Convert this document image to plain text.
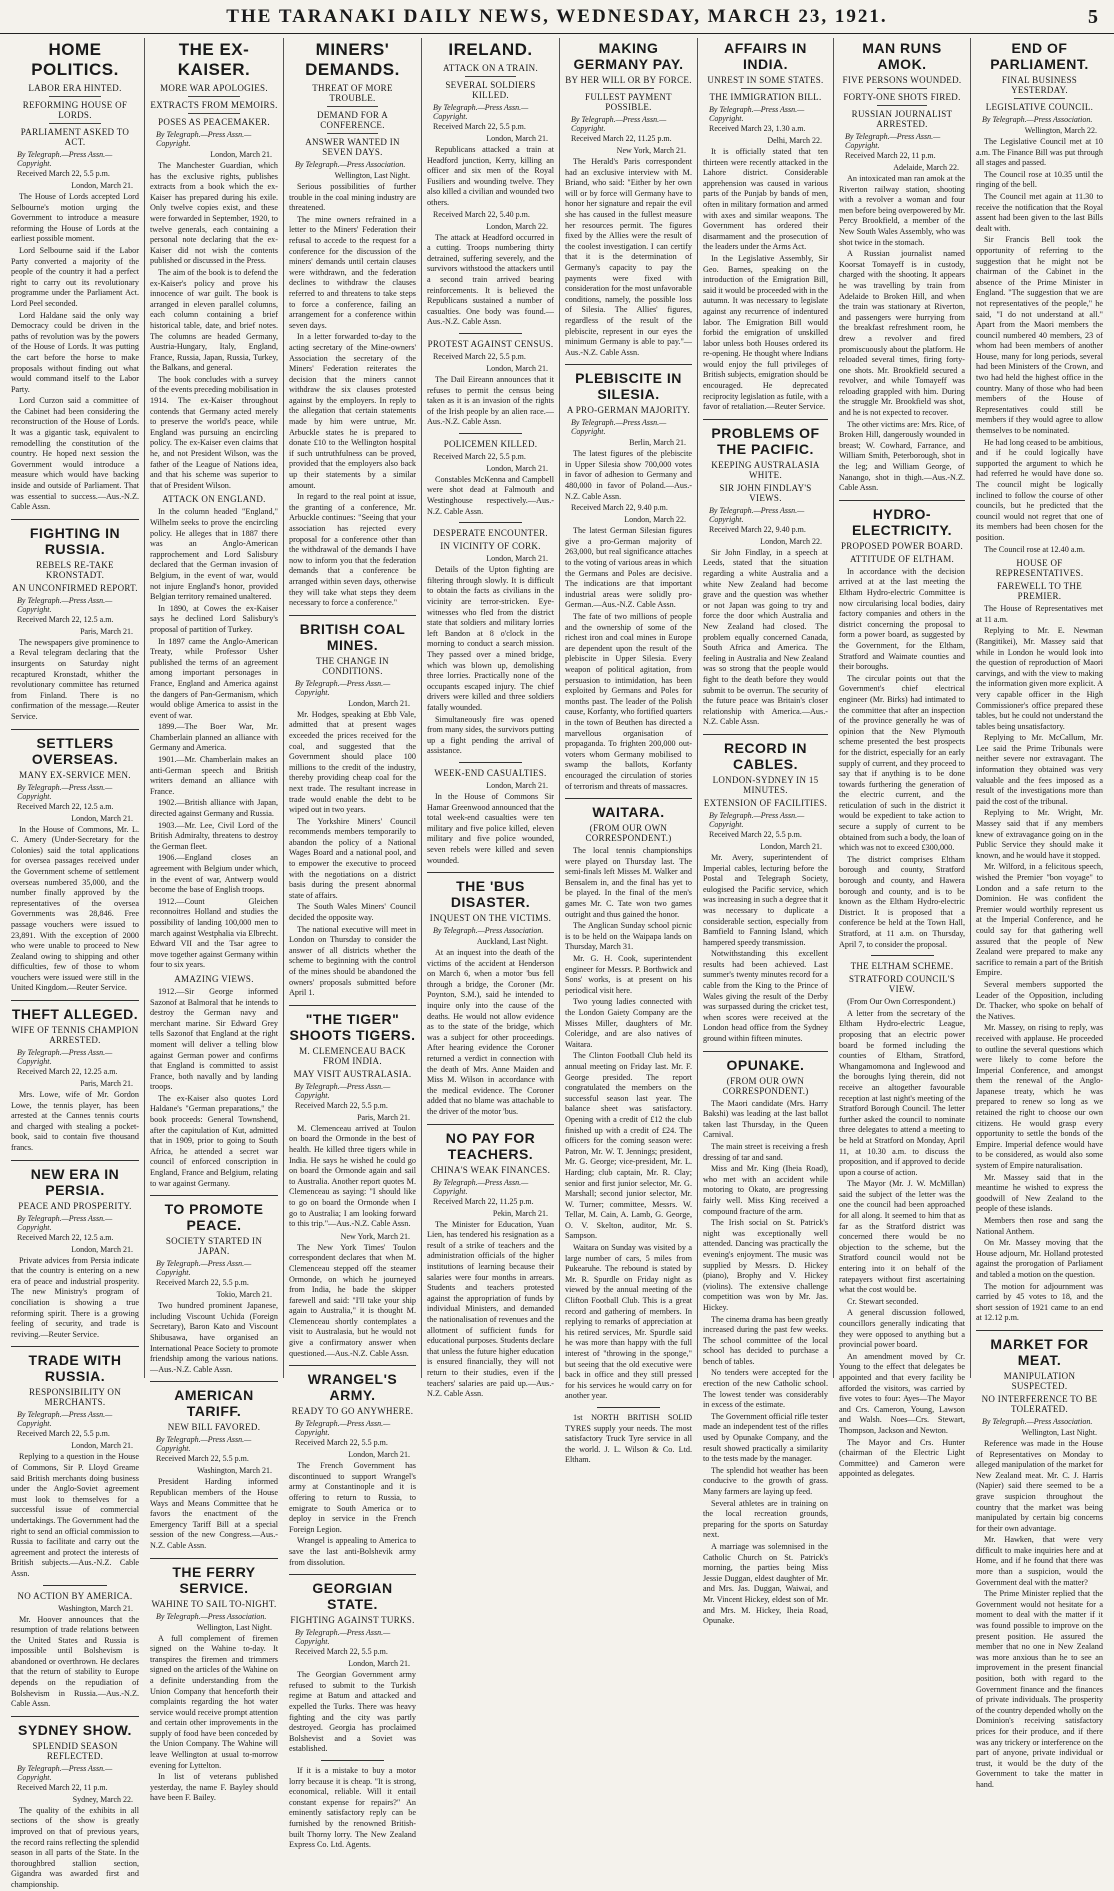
THE TARANAKI DAILY NEWS, WEDNESDAY, MARCH 23, 1921.	5
HOME POLITICS.
LABOR ERA HINTED.
REFORMING HOUSE OF LORDS.
PARLIAMENT ASKED TO ACT.
By Telegraph.—Press Assn.—Copyright.
Received March 22, 5.5 p.m.
London, March 21.

The House of Lords accepted Lord Selbourne's motion urging the Government to introduce a measure reforming the House of Lords at the earliest possible moment.

Lord Selbourne said if the Labor Party converted a majority of the people of the country it had a perfect right to carry out its revolutionary programme under the Parliament Act. Lord Peel seconded.

Lord Haldane said the only way Democracy could be driven in the paths of revolution was by the powers of the House of Lords. It was putting the cart before the horse to make proposals without finding out what would command itself to the Labor Party.

Lord Curzon said a committee of the Cabinet had been considering the reconstruction of the House of Lords. It was a gigantic task, equivalent to remodelling the constitution of the country. He hoped next session the Government would introduce a measure which would have backing inside and outside of Parliament. That was essential to success.—Aus.-N.Z. Cable Assn.

FIGHTING IN RUSSIA.
REBELS RE-TAKE KRONSTADT.
AN UNCONFIRMED REPORT.
By Telegraph.—Press Assn.—Copyright.
Received March 22, 12.5 a.m.
Paris, March 21.

The newspapers give prominence to a Reval telegram declaring that the insurgents on Saturday night recaptured Kronstadt, whither the revolutionary committee has returned from Finland. There is no confirmation of the message.—Reuter Service.

SETTLERS OVERSEAS.
MANY EX-SERVICE MEN.
By Telegraph.—Press Assn.—Copyright.
Received March 22, 12.5 a.m.
London, March 21.

In the House of Commons, Mr. L. C. Amery (Under-Secretary for the Colonies) said the total applications for oversea passages received under the Government scheme of settlement overseas numbered 35,000, and the number finally approved by the representatives of the oversea Governments was 28,846. Free passage vouchers were issued to 23,891. With the exception of 2000 who were unable to proceed to New Zealand owing to shipping and other difficulties, few of those to whom vouchers were issued were still in the United Kingdom.—Reuter Service.

THEFT ALLEGED.
WIFE OF TENNIS CHAMPION ARRESTED.
By Telegraph.—Press Assn.—Copyright.
Received March 22, 12.25 a.m.
Paris, March 21.

Mrs. Lowe, wife of Mr. Gordon Lowe, the tennis player, has been arrested at the Cannes tennis courts and charged with stealing a pocket-book, said to contain five thousand francs.

NEW ERA IN PERSIA.
PEACE AND PROSPERITY.
By Telegraph.—Press Assn.—Copyright.
Received March 22, 12.5 a.m.
London, March 21.

Private advices from Persia indicate that the country is entering on a new era of peace and industrial prosperity. The new Ministry's program of conciliation is showing a true reforming spirit. There is a growing feeling of security, and trade is reviving.—Reuter Service.

TRADE WITH RUSSIA.
RESPONSIBILITY ON MERCHANTS.
By Telegraph.—Press Assn.—Copyright.
Received March 22, 5.5 p.m.
London, March 21.

Replying to a question in the House of Commons, Sir P. Lloyd Greame said British merchants doing business under the Anglo-Soviet agreement must look to themselves for a successful issue of commercial undertakings. The Government had the right to send an official commission to Russia to facilitate and carry out the agreement and protect the interests of British subjects.—Aus.-N.Z. Cable Assn.

NO ACTION BY AMERICA.
Washington, March 21.

Mr. Hoover announces that the resumption of trade relations between the United States and Russia is impossible until Bolshevism is abandoned or overthrown. He declares that the return of stability to Europe depends on the repudiation of Bolshevism in Russia.—Aus.-N.Z. Cable Assn.

SYDNEY SHOW.
SPLENDID SEASON REFLECTED.
By Telegraph.—Press Assn.—Copyright.
Received March 22, 11 p.m.
Sydney, March 22.

The quality of the exhibits in all sections of the show is greatly improved on that of previous years, the record rains reflecting the splendid season in all parts of the State. In the thoroughbred stallion section, Gigandra was awarded first and championship.

THE EX-KAISER.
MORE WAR APOLOGIES.
EXTRACTS FROM MEMOIRS.
POSES AS PEACEMAKER.
By Telegraph.—Press Assn.—Copyright.
London, March 21.

The Manchester Guardian, which has the exclusive rights, publishes extracts from a book which the ex-Kaiser has prepared during his exile. Only twelve copies exist, and these were forwarded in September, 1920, to twelve generals, each containing a personal note declaring that the ex-Kaiser did not wish the contents published or discussed in the Press.

The aim of the book is to defend the ex-Kaiser's policy and prove his innocence of war guilt. The book is arranged in eleven parallel columns, each column containing a brief historical table, date, and brief notes. The columns are headed Germany, Austria-Hungary, Italy, England, France, Russia, Japan, Russia, Turkey, the Balkans, and general.

The book concludes with a survey of the events preceding mobilisation in 1914. The ex-Kaiser throughout contends that Germany acted merely to preserve the world's peace, while England was pursuing an encircling policy. The ex-Kaiser even claims that he, and not President Wilson, was the father of the League of Nations idea, and that his scheme was superior to that of President Wilson.

ATTACK ON ENGLAND.

In the column headed "England," Wilhelm seeks to prove the encircling policy. He alleges that in 1887 there was an Anglo-American rapprochement and Lord Salisbury declared that the German invasion of Belgium, in the event of war, would not injure England's honor, provided Belgian territory remained unaltered.

In 1890, at Cowes the ex-Kaiser says he declined Lord Salisbury's proposal of partition of Turkey.

In 1897 came the Anglo-American Treaty, while Professor Usher published the terms of an agreement among important personages in France, England and America against the dangers of Pan-Germanism, which would oblige America to assist in the event of war.

1899.—The Boer War, Mr. Chamberlain planned an alliance with Germany and America.

1901.—Mr. Chamberlain makes an anti-German speech and British writers demand an alliance with France.

1902.—British alliance with Japan, directed against Germany and Russia.

1903.—Mr. Lee, Civil Lord of the British Admiralty, threatens to destroy the German fleet.

1906.—England closes an agreement with Belgium under which, in the event of war, Antwerp would become the base of English troops.

1912.—Count Gleichen reconnoitres Holland and studies the possibility of landing 100,000 men to march against Westphalia via Elbrecht. Edward VII and the Tsar agree to move together against Germany within four to six years.

AMAZING VIEWS.

1912.—Sir George informed Sazonof at Balmoral that he intends to destroy the German navy and merchant marine. Sir Edward Grey tells Sazonof that England at the right moment will deliver a telling blow against German power and confirms that England is committed to assist France, both navally and by landing troops.

The ex-Kaiser also quotes Lord Haldane's "German preparations," the book proceeds: General Townshend, after the capitulation of Kut, admitted that in 1909, prior to going to South Africa, he attended a secret war council of enforced conscription in England, France and Belgium, relating to war against Germany.

TO PROMOTE PEACE.
SOCIETY STARTED IN JAPAN.
By Telegraph.—Press Assn.—Copyright.
Received March 22, 5.5 p.m.
Tokio, March 21.

Two hundred prominent Japanese, including Viscount Uchida (Foreign Secretary), Baron Kato and Viscount Shibusawa, have organised an International Peace Society to promote friendship among the various nations.—Aus.-N.Z. Cable Assn.

AMERICAN TARIFF.
NEW BILL FAVORED.
By Telegraph.—Press Assn.—Copyright.
Received March 22, 5.5 p.m.
Washington, March 21.

President Harding informed Republican members of the House Ways and Means Committee that he favors the enactment of the Emergency Tariff Bill at a special session of the new Congress.—Aus.-N.Z. Cable Assn.

THE FERRY SERVICE.
WAHINE TO SAIL TO-NIGHT.
By Telegraph.—Press Association.
Wellington, Last Night.

A full complement of firemen signed on the Wahine to-day. It transpires the firemen and trimmers signed on the articles of the Wahine on a definite understanding from the Union Company that henceforth their complaints regarding the hot water service would receive prompt attention and certain other improvements in the supply of food have been conceded by the Union Company. The Wahine will leave Wellington at usual to-morrow evening for Lyttelton.

In list of veterans published yesterday, the name F. Bayley should have been F. Bailey.

MINERS' DEMANDS.
THREAT OF MORE TROUBLE.
DEMAND FOR A CONFERENCE.
ANSWER WANTED IN SEVEN DAYS.
By Telegraph.—Press Association.
Wellington, Last Night.

Serious possibilities of further trouble in the coal mining industry are threatened.

The mine owners refrained in a letter to the Miners' Federation their refusal to accede to the request for a conference for the discussion of the miners' demands until certain clauses were withdrawn, and the federation declines to withdraw the clauses referred to and threatens to take steps to force a conference, failing an arrangement for a conference within seven days.

In a letter forwarded to-day to the acting secretary of the Mine-owners' Association the secretary of the Miners' Federation reiterates the decision that the miners cannot withdraw the six clauses protested against by the employers. In reply to the allegation that certain statements made by him were untrue, Mr. Arbuckle states he is prepared to donate £10 to the Wellington hospital if such untruthfulness can be proved, provided that the employers also back up their statements by a similar amount.

In regard to the real point at issue, the granting of a conference, Mr. Arbuckle continues: "Seeing that your association has rejected every proposal for a conference other than the withdrawal of the demands I have now to inform you that the federation demands that a conference be arranged within seven days, otherwise they will take what steps they deem necessary to force a conference."

BRITISH COAL MINES.
THE CHANGE IN CONDITIONS.
By Telegraph.—Press Assn.—Copyright.
London, March 21.

Mr. Hodges, speaking at Ebb Vale, admitted that at present wages exceeded the prices received for the coal, and suggested that the Government should place 100 millions to the credit of the industry, thereby providing cheap coal for the next trade. The resultant increase in trade would enable the debt to be wiped out in two years.

The Yorkshire Miners' Council recommends members temporarily to abandon the policy of a National Wages Board and a national pool, and to empower the executive to proceed with the negotiations on a district basis during the present abnormal state of affairs.

The South Wales Miners' Council decided the opposite way.

The national executive will meet in London on Thursday to consider the answer of all districts whether the scheme to beginning with the control of the mines should be abandoned the owners' proposals submitted before April 1.

"THE TIGER" SHOOTS TIGERS.
M. CLEMENCEAU BACK FROM INDIA.
MAY VISIT AUSTRALASIA.
By Telegraph.—Press Assn.—Copyright.
Received March 22, 5.5 p.m.
Paris, March 21.

M. Clemenceau arrived at Toulon on board the Ormonde in the best of health. He killed three tigers while in India. He says he wished he could go on board the Ormonde again and sail to Australia. Another report quotes M. Clemenceau as saying: "I should like to go on board the Ormonde when I go to Australia; I am looking forward to this trip."—Aus.-N.Z. Cable Assn.

New York, March 21.

The New York Times' Toulon correspondent declares that when M. Clemenceau stepped off the steamer Ormonde, on which he journeyed from India, he bade the skipper farewell and said: "I'll take your ship again to Australia," it is thought M. Clemenceau shortly contemplates a visit to Australasia, but he would not give a confirmatory answer when questioned.—Aus.-N.Z. Cable Assn.

WRANGEL'S ARMY.
READY TO GO ANYWHERE.
By Telegraph.—Press Assn.—Copyright.
Received March 22, 5.5 p.m.
London, March 21.

The French Government has discontinued to support Wrangel's army at Constantinople and it is offering to return to Russia, to emigrate to South America or to deploy in service in the French Foreign Legion.

Wrangel is appealing to America to save the last anti-Bolshevik army from dissolution.

GEORGIAN STATE.
FIGHTING AGAINST TURKS.
By Telegraph.—Press Assn.—Copyright.
Received March 22, 5.5 p.m.
London, March 21.

The Georgian Government army refused to submit to the Turkish regime at Batum and attacked and expelled the Turks. There was heavy fighting and the city was partly destroyed. Georgia has proclaimed Bolshevist and a Soviet was established.

If it is a mistake to buy a motor lorry because it is cheap. "It is strong, economical, reliable. Will it entail constant expense for repairs?" An eminently satisfactory reply can be furnished by the renowned British-built Thorny lorry. The New Zealand Express Co. Ltd. Agents.

IRELAND.
ATTACK ON A TRAIN.
SEVERAL SOLDIERS KILLED.
By Telegraph.—Press Assn.—Copyright.
Received March 22, 5.5 p.m.
London, March 21.

Republicans attacked a train at Headford junction, Kerry, killing an officer and six men of the Royal Fusiliers and wounding twelve. They also killed a civilian and wounded two others.

Received March 22, 5.40 p.m.
London, March 22.

The attack at Headford occurred in a cutting. Troops numbering thirty detrained, suffering severely, and the survivors withstood the attackers until a second train arrived bearing reinforcements. It is believed the Republicans sustained a number of casualties. One body was found.—Aus.-N.Z. Cable Assn.

PROTEST AGAINST CENSUS.
Received March 22, 5.5 p.m.
London, March 21.

The Dail Eireann announces that it refuses to permit the census being taken as it is an invasion of the rights of the Irish people by an alien race.—Aus.-N.Z. Cable Assn.

POLICEMEN KILLED.
Received March 22, 5.5 p.m.
London, March 21.

Constables McKenna and Campbell were shot dead at Falmouth and Westinghouse respectively.—Aus.-N.Z. Cable Assn.

DESPERATE ENCOUNTER.
IN VICINITY OF CORK.
London, March 21.

Details of the Upton fighting are filtering through slowly. It is difficult to obtain the facts as civilians in the vicinity are terror-stricken. Eye-witnesses who fled from the district state that soldiers and military lorries left Bandon at 8 o'clock in the morning to conduct a search mission. They passed over a mined bridge, which was blown up, demolishing three lorries. Practically none of the occupants escaped injury. The chief drivers were killed and three soldiers fatally wounded.

Simultaneously fire was opened from many sides, the survivors putting up a fight pending the arrival of assistance.

WEEK-END CASUALTIES.
London, March 21.

In the House of Commons Sir Hamar Greenwood announced that the total week-end casualties were ten military and five police killed, eleven military and five police wounded, seven rebels were killed and seven wounded.

THE 'BUS DISASTER.
INQUEST ON THE VICTIMS.
By Telegraph.—Press Association.
Auckland, Last Night.

At an inquest into the death of the victims of the accident at Henderson on March 6, when a motor 'bus fell through a bridge, the Coroner (Mr. Poynton, S.M.), said he intended to inquire only into the cause of the deaths. He would not allow evidence as to the state of the bridge, which was a subject for other proceedings. After hearing evidence the Coroner returned a verdict in connection with the death of Mrs. Anne Maiden and Miss M. Wilson in accordance with the medical evidence. The Coroner added that no blame was attachable to the driver of the motor 'bus.

NO PAY FOR TEACHERS.
CHINA'S WEAK FINANCES.
By Telegraph.—Press Assn.—Copyright.
Received March 22, 11.25 p.m.
Pekin, March 21.

The Minister for Education, Yuan Lien, has tendered his resignation as a result of a strike of teachers and the administration officials of the higher institutions of learning because their salaries were four months in arrears. Students and teachers protested against the appropriation of funds by individual Ministers, and demanded the nationalisation of revenues and the allotment of sufficient funds for educational purposes. Students declare that unless the future higher education is ensured financially, they will not return to their studies, even if the teachers' salaries are paid up.—Aus.-N.Z. Cable Assn.

MAKING GERMANY PAY.
BY HER WILL OR BY FORCE.
FULLEST PAYMENT POSSIBLE.
By Telegraph.—Press Assn.—Copyright.
Received March 22, 11.25 p.m.
New York, March 21.

The Herald's Paris correspondent had an exclusive interview with M. Briand, who said: "Either by her own will or by force will Germany have to honor her signature and repair the evil she has caused in the fullest measure her resources permit. The figures fixed by the Allies were the result of the coolest investigation. I can certify that it is the determination of Germany's capacity to pay the payments were fixed with consideration for the most unfavorable conditions, namely, the possible loss of Silesia. The Allies' figures, regardless of the result of the plebiscite, represent in our eyes the minimum Germany is able to pay."—Aus.-N.Z. Cable Assn.

PLEBISCITE IN SILESIA.
A PRO-GERMAN MAJORITY.
By Telegraph.—Press Assn.—Copyright.
Berlin, March 21.

The latest figures of the plebiscite in Upper Silesia show 700,000 votes in favor of adhesion to Germany and 480,000 in favor of Poland.—Aus.-N.Z. Cable Assn.

Received March 22, 9.40 p.m.
London, March 22.

The latest German Silesian figures give a pro-German majority of 263,000, but real significance attaches to the voting of various areas in which the Germans and Poles are decisive. The indications are that important industrial areas were solidly pro-German.—Aus.-N.Z. Cable Assn.

The fate of two millions of people and the ownership of some of the richest iron and coal mines in Europe are dependent upon the result of the plebiscite in Upper Silesia. Every weapon of political agitation, from persuasion to intimidation, has been exploited by Germans and Poles for months past. The leader of the Polish cause, Korfanty, who fortified quarters in the town of Beuthen has directed a marvellous organisation of propaganda. To frighten 200,000 out-voters whom Germany mobilised to swamp the ballots, Korfanty encouraged the circulation of stories of terrorism and threats of massacres.

WAITARA.
(FROM OUR OWN CORRESPONDENT.)

The local tennis championships were played on Thursday last. The semi-finals left Misses M. Walker and Bensalem in, and the final has yet to be played. In the final of the men's games Mr. C. Tate won two games outright and thus gained the honor.

The Anglican Sunday school picnic is to be held on the Waipapa lands on Thursday, March 31.

Mr. G. H. Cook, superintendent engineer for Messrs. P. Borthwick and Sons' works, is at present on his periodical visit here.

Two young ladies connected with the London Gaiety Company are the Misses Miller, daughters of Mr. Coleridge, and are also natives of Waitara.

The Clinton Football Club held its annual meeting on Friday last. Mr. F. George presided. The report congratulated the members on the successful season last year. The balance sheet was satisfactory. Opening with a credit of £12 the club finished up with a credit of £24. The officers for the coming season were: Patron, Mr. W. T. Jennings; president, Mr. G. George; vice-president, Mr. L. Harding; club captain, Mr. R. Clay; senior and first junior selector, Mr. G. Marshall; second junior selector, Mr. W. Turner; committee, Messrs. W. Tellar, M. Cain, A. Lamb, G. George, O. V. Skelton, auditor, Mr. S. Sampson.

Waitara on Sunday was visited by a large number of cars, 5 miles from Pukearuhe. The rebound is stated by Mr. R. Spurdle on Friday night as viewed by the annual meeting of the Clifton Football Club. This is a great record and gathering of members. In replying to remarks of appreciation at his retired services, Mr. Spurdle said he was more than happy with the full interest of "throwing in the sponge," but seeing that the old executive were back in office and they still pressed for his services he would carry on for another year.

1st NORTH BRITISH SOLID TYRES supply your needs. The most satisfactory Truck Tyre service in all the world. J. L. Wilson & Co. Ltd. Eltham.

AFFAIRS IN INDIA.
UNREST IN SOME STATES.
THE IMMIGRATION BILL.
By Telegraph.—Press Assn.—Copyright.
Received March 23, 1.30 a.m.
Delhi, March 22.

It is officially stated that ten thirteen were recently attacked in the Lahore district. Considerable apprehension was caused in various parts of the Punjab by bands of men, often in military formation and armed with axes and similar weapons. The Government has ordered their disarmament and the prosecution of the leaders under the Arms Act.

In the Legislative Assembly, Sir Geo. Barnes, speaking on the introduction of the Emigration Bill, said it would be proceeded with in the autumn. It was necessary to legislate against any recurrence of indentured labor. The Emigration Bill would forbid the emigration of unskilled labor unless both Houses ordered its re-opening. He thought where Indians would enjoy the full privileges of British subjects, emigration should be encouraged. He deprecated reciprocity legislation as futile, with a favor of retaliation.—Reuter Service.

PROBLEMS OF THE PACIFIC.
KEEPING AUSTRALASIA WHITE.
SIR JOHN FINDLAY'S VIEWS.
By Telegraph.—Press Assn.—Copyright.
Received March 22, 9.40 p.m.
London, March 22.

Sir John Findlay, in a speech at Leeds, stated that the situation regarding a white Australia and a white New Zealand had become grave and the question was whether or not Japan was going to try and force the door which Australia and New Zealand had closed. The problem equally concerned Canada, South Africa and America. The feeling in Australia and New Zealand was so strong that the people would fight to the death before they would submit to be overrun. The security of the future peace was Britain's closer relationship with America.—Aus.-N.Z. Cable Assn.

RECORD IN CABLES.
LONDON-SYDNEY IN 15 MINUTES.
EXTENSION OF FACILITIES.
By Telegraph.—Press Assn.—Copyright.
Received March 22, 5.5 p.m.
London, March 21.

Mr. Avery, superintendent of Imperial cables, lecturing before the Postal and Telegraph Society, eulogised the Pacific service, which was increasing in such a degree that it was necessary to duplicate a considerable section, especially from Bamfield to Fanning Island, which hampered speedy transmission.

Notwithstanding this excellent results had been achieved. Last summer's twenty minutes record for a cable from the King to the Prince of Wales giving the result of the Derby was surpassed during the cricket test, when scores were received at the London head office from the Sydney ground within fifteen minutes.

OPUNAKE.
(FROM OUR OWN CORRESPONDENT.)

The Maori candidate (Mrs. Harry Bakshi) was leading at the last ballot taken last Thursday, in the Queen Carnival.

The main street is receiving a fresh dressing of tar and sand.

Miss and Mr. King (Iheia Road), who met with an accident while motoring to Okato, are progressing fairly well. Miss King received a compound fracture of the arm.

The Irish social on St. Patrick's night was exceptionally well attended. Dancing was practically the evening's enjoyment. The music was supplied by Messrs. D. Hickey (piano), Brophy and V. Hickey (violins). The extensive challenge competition was won by Mr. Jas. Hickey.

The cinema drama has been greatly increased during the past few weeks. The school committee of the local school has decided to purchase a bench of tables.

No tenders were accepted for the erection of the new Catholic school. The lowest tender was considerably in excess of the estimate.

The Government official rifle tester made an independent test of the rifles used by Opunake Company, and the result showed practically a similarity to the tests made by the manager.

The splendid hot weather has been conducive to the growth of grass. Many farmers are laying up feed.

Several athletes are in training on the local recreation grounds, preparing for the sports on Saturday next.

A marriage was solemnised in the Catholic Church on St. Patrick's morning, the parties being Miss Jessie Duggan, eldest daughter of Mr. and Mrs. Jas. Duggan, Waiwai, and Mr. Vincent Hickey, eldest son of Mr. and Mrs. M. Hickey, Iheia Road, Opunake.

MAN RUNS AMOK.
FIVE PERSONS WOUNDED.
FORTY-ONE SHOTS FIRED.
RUSSIAN JOURNALIST ARRESTED.
By Telegraph.—Press Assn.—Copyright.
Received March 22, 11 p.m.
Adelaide, March 22.

An intoxicated man ran amok at the Riverton railway station, shooting with a revolver a woman and four men before being overpowered by Mr. Percy Brookfield, a member of the New South Wales Assembly, who was shot twice in the stomach.

A Russian journalist named Koorsat Tomayeff is in custody, charged with the shooting. It appears he was travelling by train from Adelaide to Broken Hill, and when the train was stationary at Riverton, and passengers were hurrying from the breakfast refreshment room, he drew a revolver and fired promiscuously about the platform. He reloaded several times, firing forty-one shots. Mr. Brookfield secured a revolver, and while Tomayeff was reloading grappled with him. During the struggle Mr. Brookfield was shot, and he is not expected to recover.

The other victims are: Mrs. Rice, of Broken Hill, dangerously wounded in breast; W. Cowhard, Farrance, and William Smith, Peterborough, shot in the leg; and William George, of Nanango, shot in thigh.—Aus.-N.Z. Cable Assn.

HYDRO-ELECTRICITY.
PROPOSED POWER BOARD.
ATTITUDE OF ELTHAM.

In accordance with the decision arrived at at the last meeting the Eltham Hydro-electric Committee is now circularising local bodies, dairy factory companies and others in the district concerning the proposal to form a power board, as suggested by the Government, for the Eltham, Stratford and Waimate counties and their boroughs.

The circular points out that the Government's chief electrical engineer (Mr. Birks) had intimated to the committee that after an inspection of the province generally he was of opinion that the New Plymouth scheme presented the best prospects for the district, especially for an early supply of current, and they proceed to say that if anything is to be done towards furthering the generation of the electric current, and the reticulation of such in the district it would be expedient to take action to secure a supply of current to be obtained from such a body, the loan of which was not to exceed £300,000.

The district comprises Eltham borough and county, Stratford borough and county, and Hawera borough and county, and is to be known as the Eltham Hydro-electric District. It is proposed that a conference be held at the Town Hall, Stratford, at 11 a.m. on Thursday, April 7, to consider the proposal.

THE ELTHAM SCHEME.
STRATFORD COUNCIL'S VIEW.

(From Our Own Correspondent.)

A letter from the secretary of the Eltham Hydro-electric League, proposing that an electric power board be formed including the counties of Eltham, Stratford, Whangamomona and Inglewood and the boroughs lying therein, did not receive an altogether favourable reception at last night's meeting of the Stratford Borough Council. The letter further asked the council to nominate three delegates to attend a meeting to be held at Stratford on Monday, April 11, at 10.30 a.m. to discuss the proposition, and if approved to decide upon a course of action.

The Mayor (Mr. J. W. McMillan) said the subject of the letter was the one the council had been approached for all along. It seemed to him that as far as the Stratford district was concerned there would be no objection to the scheme, but the Stratford council would not be entering into it on behalf of the ratepayers without first ascertaining what the cost would be.

Cr. Stewart seconded.

A general discussion followed, councillors generally indicating that they were opposed to anything but a provincial power board.

An amendment moved by Cr. Young to the effect that delegates be appointed and that every facility be afforded the visitors, was carried by five votes to four: Ayes—The Mayor and Crs. Cameron, Young, Lawson and Walsh. Noes—Crs. Stewart, Thompson, Jackson and Newton.

The Mayor and Crs. Hunter (chairman of the Electric Light Committee) and Cameron were appointed as delegates.

END OF PARLIAMENT.
FINAL BUSINESS YESTERDAY.
LEGISLATIVE COUNCIL.
By Telegraph.—Press Association.
Wellington, March 22.

The Legislative Council met at 10 a.m. The Finance Bill was put through all stages and passed.

The Council rose at 10.35 until the ringing of the bell.

The Council met again at 11.30 to receive the notification that the Royal assent had been given to the last Bills dealt with.

Sir Francis Bell took the opportunity of referring to the suggestion that he might not be chairman of the Cabinet in the absence of the Prime Minister in England. "The suggestion that we are not representatives of the people," he said, "I do not understand at all." Apart from the Maori members the council numbered 40 members, 23 of whom had been members of another House, many for long periods, several had been Ministers of the Crown, and two had held the highest office in the country. Many of those who had been members of the House of Representatives could still be members if they would agree to allow themselves to be nominated.

He had long ceased to be ambitious, and if he could logically have supported the argument to which he had referred he would have done so. The council might be logically inclined to follow the course of other councils, but he predicted that the council would not regret that one of its members had been chosen for the position.

The Council rose at 12.40 a.m.

HOUSE OF REPRESENTATIVES.
FAREWELL TO THE PREMIER.

The House of Representatives met at 11 a.m.

Replying to Mr. E. Newman (Rangitikei), Mr. Massey said that while in London he would look into the question of reproduction of Maori carvings, and with the view to making the information given more explicit. A very capable officer in the High Commissioner's office prepared these tables, but he could not understand the tables being unsatisfactory.

Replying to Mr. McCallum, Mr. Lee said the Prime Tribunals were neither severe nor extravagant. The information they obtained was very valuable and the fees imposed as a result of the investigations more than paid the cost of the tribunal.

Replying to Mr. Wright, Mr. Massey said that if any members knew of extravagance going on in the Public Service they should make it known, and he would have it stopped.

Mr. Wilford, in a felicitous speech, wished the Premier "bon voyage" to London and a safe return to the Dominion. He was confident the Premier would worthily represent us at the Imperial Conference, and he could say for that gathering well assured that the people of New Zealand were prepared to make any sacrifice to remain a part of the British Empire.

Several members supported the Leader of the Opposition, including Dr. Thacker, who spoke on behalf of the Natives.

Mr. Massey, on rising to reply, was received with applause. He proceeded to outline the several questions which were likely to come before the Imperial Conference, and amongst them the renewal of the Anglo-Japanese treaty, which he was prepared to renew so long as we retained the right to choose our own citizens. He would grasp every opportunity to settle the bonds of the Empire. Imperial defence would have to be considered, as would also some system of Empire naturalisation.

Mr. Massey said that in the meantime he wished to express the goodwill of New Zealand to the people of these islands.

Members then rose and sang the National Anthem.

On Mr. Massey moving that the House adjourn, Mr. Holland protested against the prorogation of Parliament and tabled a motion on the question.

The motion for adjournment was carried by 45 votes to 18, and the short session of 1921 came to an end at 12.12 p.m.

MARKET FOR MEAT.
MANIPULATION SUSPECTED.
NO INTERFERENCE TO BE TOLERATED.
By Telegraph.—Press Association.
Wellington, Last Night.

Reference was made in the House of Representatives on Monday to alleged manipulation of the market for New Zealand meat. Mr. C. J. Harris (Napier) said there seemed to be a grave suspicion throughout the country that the market was being manipulated by certain big concerns for their own advantage.

Mr. Hawken, that were very difficult to make inquiries here and at Home, and if he found that there was more than a suspicion, would the Government deal with the matter?

The Prime Minister replied that the Government would not hesitate for a moment to deal with the matter if it was found possible to improve on the present position. He assured the member that no one in New Zealand was more anxious than he to see an improvement in the present financial position, both with regard to the Government finance and the finances of private individuals. The prosperity of the country depended wholly on the Dominion's receiving satisfactory prices for their produce, and if there was any trickery or interference on the part of anyone, private individual or trust, it would be the duty of the Government to take the matter in hand.
